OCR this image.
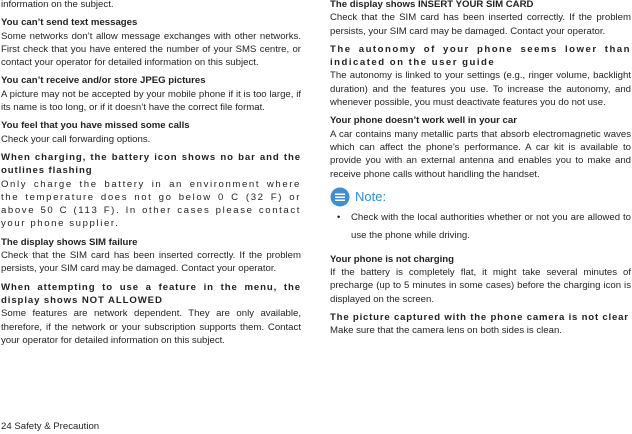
information on the subject.

You can’t send text messages

Some networks don’t allow message exchanges with other networks. First check that you have entered the number of your SMS centre, or contact your operator for detailed information on this subject.

You can’t receive and/or store JPEG pictures

A picture may not be accepted by your mobile phone if it is too large, if its name is too long, or if it doesn’t have the correct file format.

You feel that you have missed some calls

Check your call forwarding options.

When charging, the battery icon shows no bar and the outlines flashing

Only charge the battery in an environment where the temperature does not go below 0 C (32 F) or above 50 C (113 F). In other cases please contact your phone supplier.

The display shows SIM failure

Check that the SIM card has been inserted correctly. If the problem persists, your SIM card may be damaged. Contact your operator.

When attempting to use a feature in the menu, the display shows NOT ALLOWED

Some features are network dependent. They are only available, therefore, if the network or your subscription supports them. Contact your operator for detailed information on this subject.

The display shows INSERT YOUR SIM CARD

Check that the SIM card has been inserted correctly. If the problem persists, your SIM card may be damaged. Contact your operator.

The autonomy of your phone seems lower than indicated on the user guide

The autonomy is linked to your settings (e.g., ringer volume, backlight duration) and the features you use. To increase the autonomy, and whenever possible, you must deactivate features you do not use.

Your phone doesn’t work well in your car

A car contains many metallic parts that absorb electromagnetic waves which can affect the phone’s performance. A car kit is available to provide you with an external antenna and enables you to make and receive phone calls without handling the handset.

Note:
• Check with the local authorities whether or not you are allowed to use the phone while driving.

Your phone is not charging

If the battery is completely flat, it might take several minutes of precharge (up to 5 minutes in some cases) before the charging icon is displayed on the screen.

The picture captured with the phone camera is not clear

Make sure that the camera lens on both sides is clean.

24 Safety & Precaution
